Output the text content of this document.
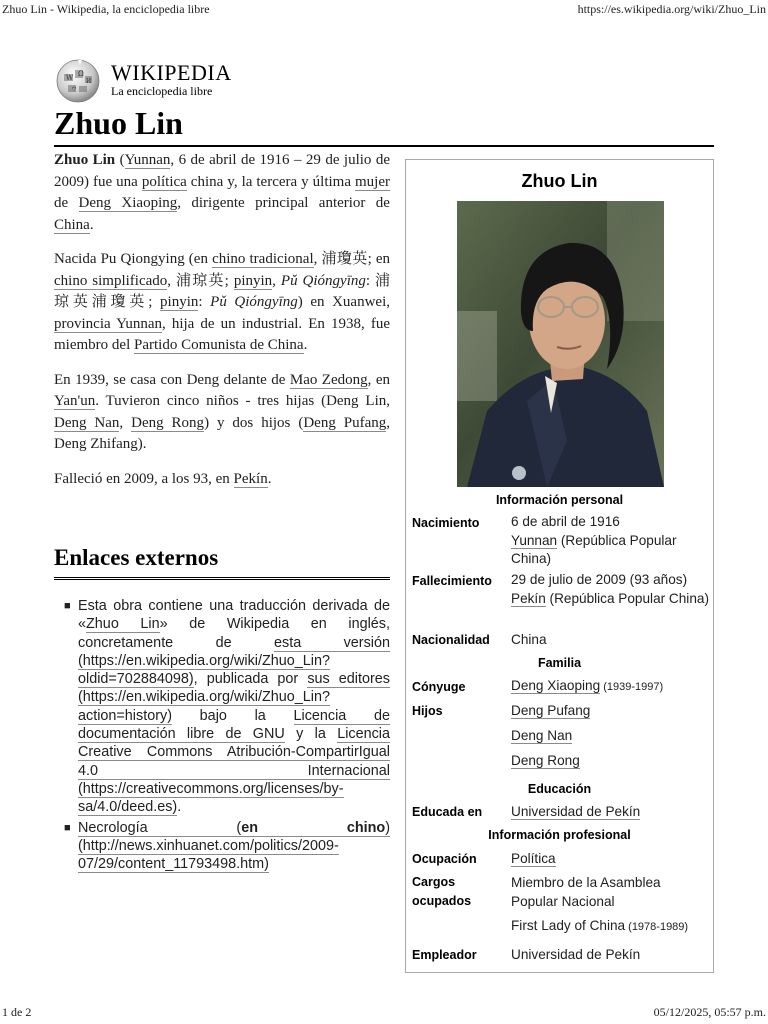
Zhuo Lin - Wikipedia, la enciclopedia libre	https://es.wikipedia.org/wiki/Zhuo_Lin
1 de 2	05/12/2025, 05:57 p.m.
W Ω
И
ウ
WIKIPEDIA
La enciclopedia libre
Zhuo Lin

Zhuo Lin (Yunnan, 6 de abril de 1916 – 29 de julio de 2009) fue una política china y, la tercera y última mujer de Deng Xiaoping, dirigente principal anterior de China.

Nacida Pu Qiongying (en chino tradicional, 浦瓊英; en chino simplificado, 浦琼英; pinyin, Pǔ Qióngyīng: 浦琼英浦瓊英; pinyin: Pǔ Qióngyīng) en Xuanwei, provincia Yunnan, hija de un industrial. En 1938, fue miembro del Partido Comunista de China.

En 1939, se casa con Deng delante de Mao Zedong, en Yan'un. Tuvieron cinco niños - tres hijas (Deng Lin, Deng Nan, Deng Rong) y dos hijos (Deng Pufang, Deng Zhifang).

Falleció en 2009, a los 93, en Pekín.

Enlaces externos
■ Esta obra contiene una traducción derivada de «Zhuo Lin» de Wikipedia en inglés, concretamente de esta versión (https://en.wikipedia.org/wiki/Zhuo_Lin?oldid=702884098), publicada por sus editores (https://en.wikipedia.org/wiki/Zhuo_Lin?action=history) bajo la Licencia de documentación libre de GNU y la Licencia Creative Commons Atribución-CompartirIgual 4.0 Internacional (https://creativecommons.org/licenses/by-sa/4.0/deed.es).
■ Necrología (en chino) (http://news.xinhuanet.com/politics/2009-07/29/content_11793498.htm)
Zhuo Lin
Información personal
Nacimiento 6 de abril de 1916
Yunnan (República Popular China)
Fallecimiento 29 de julio de 2009 (93 años)
Pekín (República Popular China)
Nacionalidad China
Familia
Cónyuge	Deng Xiaoping (1939-1997)
Hijos	Deng Pufang
Deng Nan
Deng Rong
Educación
Educada en Universidad de Pekín
Información profesional
Ocupación	Política
Cargos ocupados
Miembro de la Asamblea Popular Nacional
First Lady of China (1978-1989)
Empleador	Universidad de Pekín
